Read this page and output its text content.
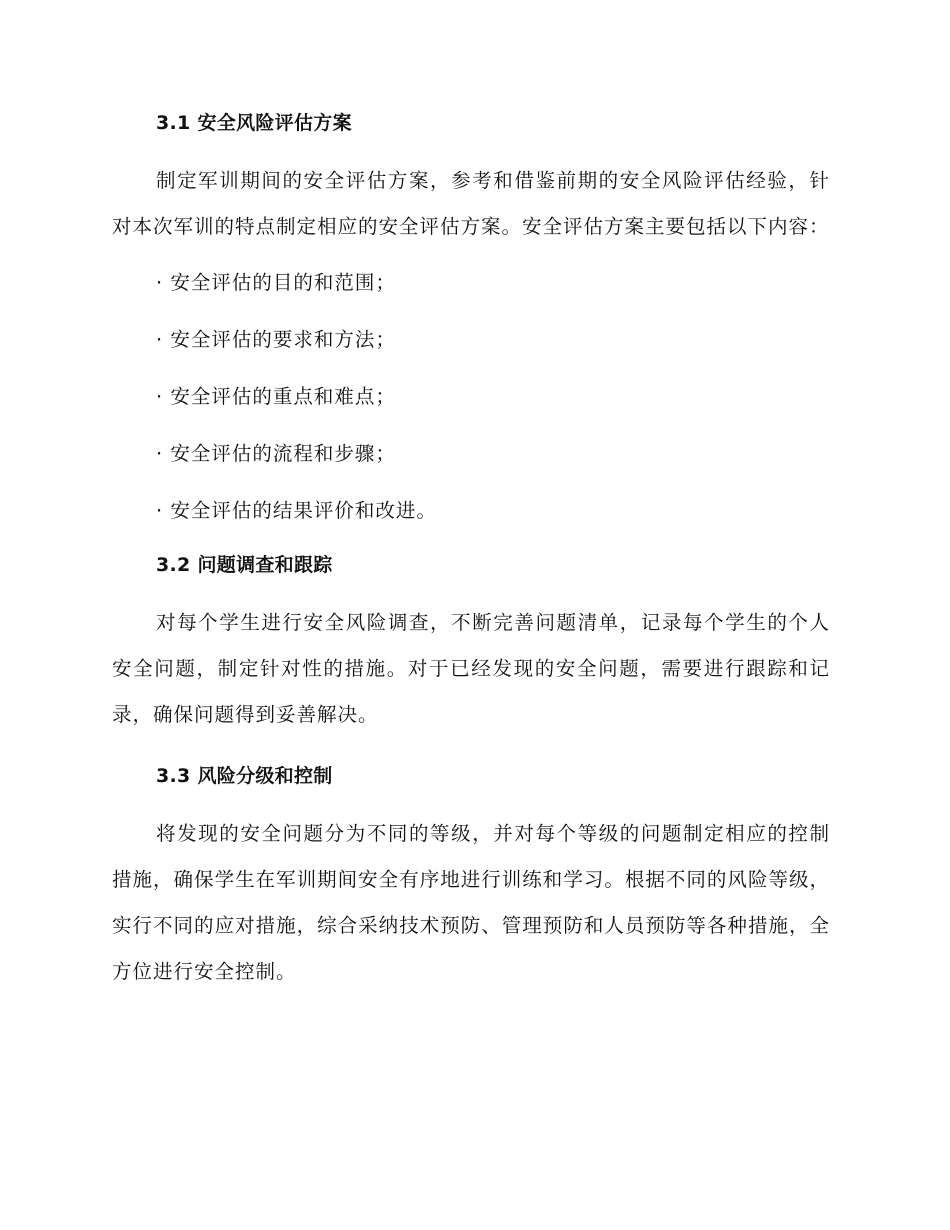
3.1 安全风险评估方案

制定军训期间的安全评估方案，参考和借鉴前期的安全风险评估经验，针对本次军训的特点制定相应的安全评估方案。安全评估方案主要包括以下内容：

· 安全评估的目的和范围；
· 安全评估的要求和方法；
· 安全评估的重点和难点；
· 安全评估的流程和步骤；
· 安全评估的结果评价和改进。
3.2 问题调查和跟踪

对每个学生进行安全风险调查，不断完善问题清单，记录每个学生的个人安全问题，制定针对性的措施。对于已经发现的安全问题，需要进行跟踪和记录，确保问题得到妥善解决。

3.3 风险分级和控制

将发现的安全问题分为不同的等级，并对每个等级的问题制定相应的控制措施，确保学生在军训期间安全有序地进行训练和学习。根据不同的风险等级，实行不同的应对措施，综合采纳技术预防、管理预防和人员预防等各种措施，全方位进行安全控制。
